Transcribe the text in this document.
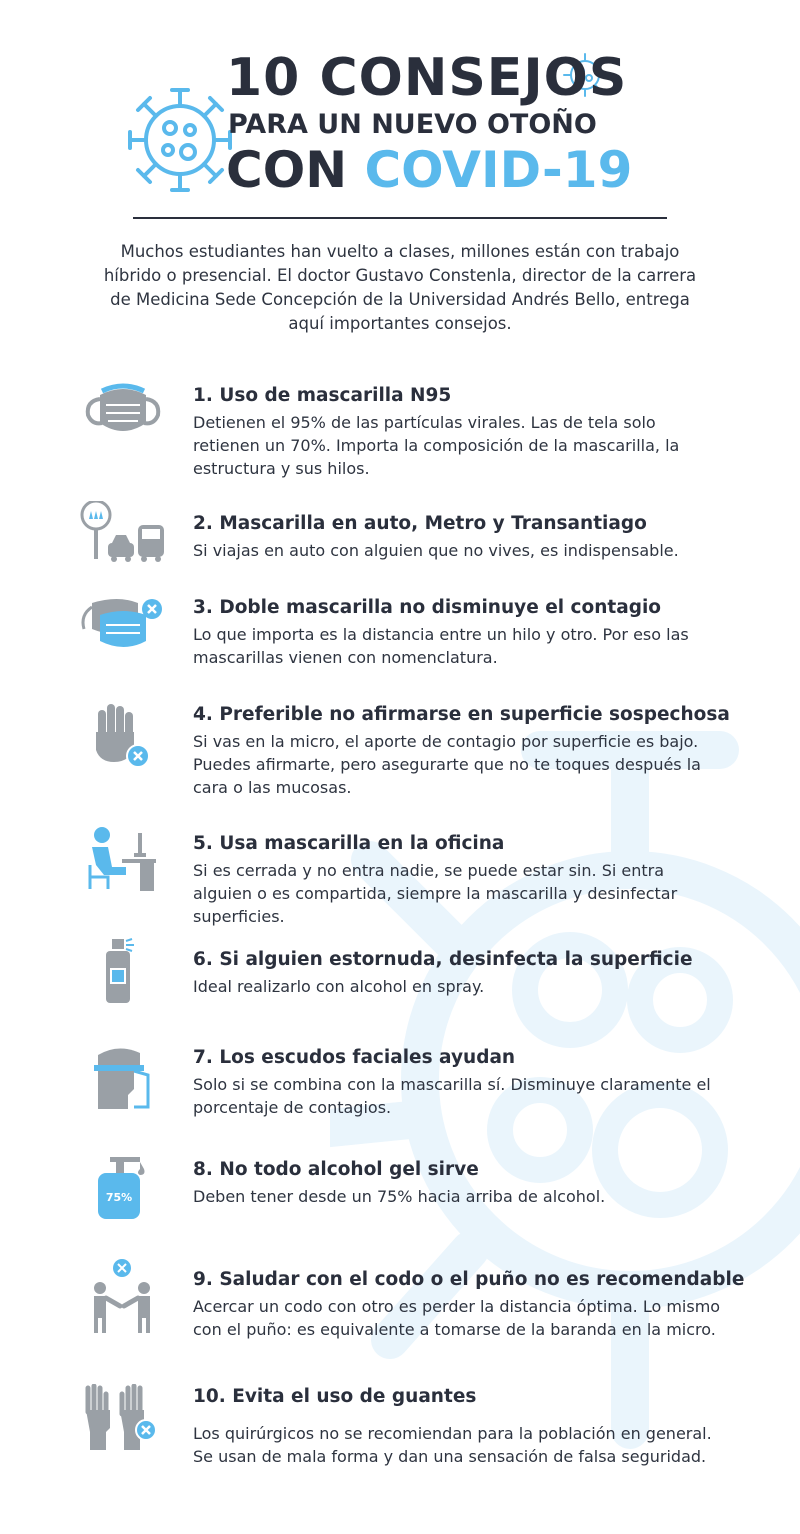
10 CONSEJOS
PARA UN NUEVO OTOÑO
CON COVID-19
Muchos estudiantes han vuelto a clases, millones están con trabajo híbrido o presencial. El doctor Gustavo Constenla, director de la carrera de Medicina Sede Concepción de la Universidad Andrés Bello, entrega aquí importantes consejos.
1. Uso de mascarilla N95
Detienen el 95% de las partículas virales. Las de tela solo retienen un 70%. Importa la composición de la mascarilla, la estructura y sus hilos.
2. Mascarilla en auto, Metro y Transantiago
Si viajas en auto con alguien que no vives, es indispensable.
3. Doble mascarilla no disminuye el contagio
Lo que importa es la distancia entre un hilo y otro. Por eso las mascarillas vienen con nomenclatura.
4. Preferible no afirmarse en superficie sospechosa
Si vas en la micro, el aporte de contagio por superficie es bajo. Puedes afirmarte, pero asegurarte que no te toques después la cara o las mucosas.
5. Usa mascarilla en la oficina
Si es cerrada y no entra nadie, se puede estar sin. Si entra alguien o es compartida, siempre la mascarilla y desinfectar superficies.
6. Si alguien estornuda, desinfecta la superficie
Ideal realizarlo con alcohol en spray.
7. Los escudos faciales ayudan
Solo si se combina con la mascarilla sí. Disminuye claramente el porcentaje de contagios.
75%
8. No todo alcohol gel sirve
Deben tener desde un 75% hacia arriba de alcohol.
9. Saludar con el codo o el puño no es recomendable
Acercar un codo con otro es perder la distancia óptima. Lo mismo con el puño: es equivalente a tomarse de la baranda en la micro.
10. Evita el uso de guantes
Los quirúrgicos no se recomiendan para la población en general. Se usan de mala forma y dan una sensación de falsa seguridad.
